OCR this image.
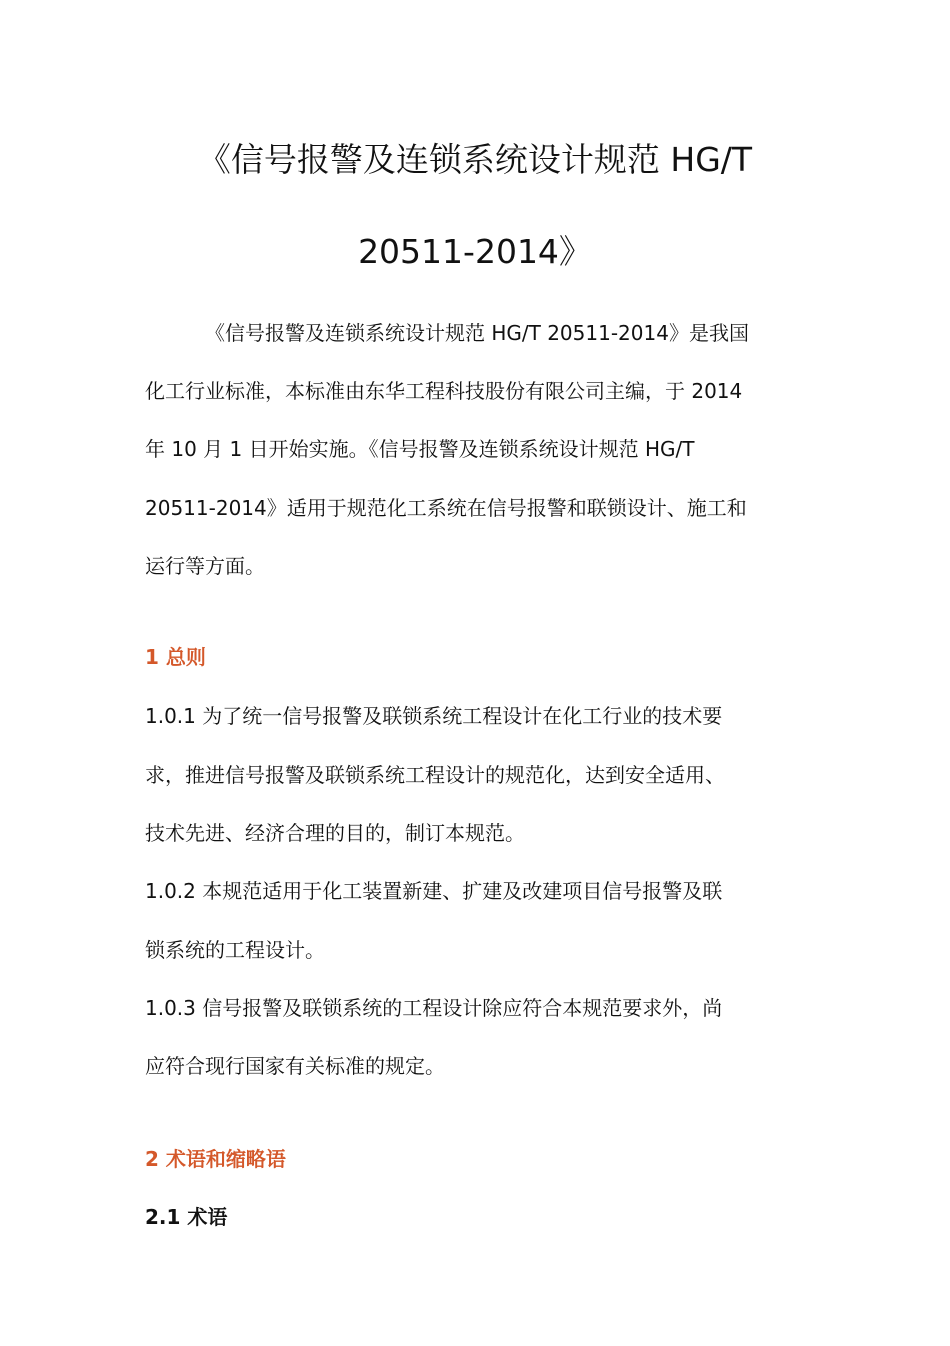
《信号报警及连锁系统设计规范 HG/T
20511-2014》
《信号报警及连锁系统设计规范 HG/T 20511-2014》是我国
化工行业标准，本标准由东华工程科技股份有限公司主编，于 2014
年 10 月 1 日开始实施。《信号报警及连锁系统设计规范 HG/T
20511-2014》适用于规范化工系统在信号报警和联锁设计、施工和
运行等方面。
1 总则
1.0.1 为了统一信号报警及联锁系统工程设计在化工行业的技术要
求，推进信号报警及联锁系统工程设计的规范化，达到安全适用、
技术先进、经济合理的目的，制订本规范。
1.0.2 本规范适用于化工装置新建、扩建及改建项目信号报警及联
锁系统的工程设计。
1.0.3 信号报警及联锁系统的工程设计除应符合本规范要求外，尚
应符合现行国家有关标准的规定。
2 术语和缩略语
2.1 术语
